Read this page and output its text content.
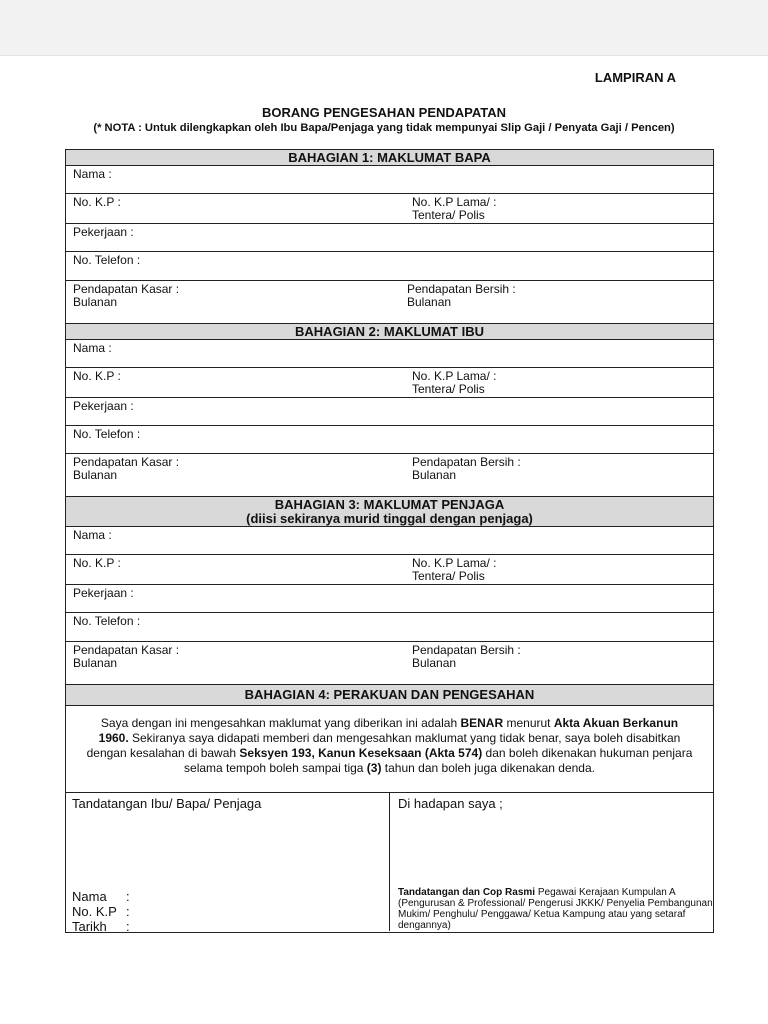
LAMPIRAN A
BORANG PENGESAHAN PENDAPATAN
(* NOTA : Untuk dilengkapkan oleh Ibu Bapa/Penjaga yang tidak mempunyai Slip Gaji / Penyata Gaji / Pencen)
BAHAGIAN 1: MAKLUMAT BAPA
Nama :
No. K.P :	No. K.P Lama/ :
Tentera/ Polis
Pekerjaan :
No. Telefon :
Pendapatan Kasar :
Bulanan
Pendapatan Bersih :
Bulanan
BAHAGIAN 2: MAKLUMAT IBU
Nama :
No. K.P :	No. K.P Lama/ :
Tentera/ Polis
Pekerjaan :
No. Telefon :
Pendapatan Kasar :
Bulanan
Pendapatan Bersih :
Bulanan
BAHAGIAN 3: MAKLUMAT PENJAGA
(diisi sekiranya murid tinggal dengan penjaga)
Nama :
No. K.P :	No. K.P Lama/ :
Tentera/ Polis
Pekerjaan :
No. Telefon :
Pendapatan Kasar :
Bulanan
Pendapatan Bersih :
Bulanan
BAHAGIAN 4: PERAKUAN DAN PENGESAHAN
Saya dengan ini mengesahkan maklumat yang diberikan ini adalah BENAR menurut Akta Akuan Berkanun 1960. Sekiranya saya didapati memberi dan mengesahkan maklumat yang tidak benar, saya boleh disabitkan dengan kesalahan di bawah Seksyen 193, Kanun Keseksaan (Akta 574) dan boleh dikenakan hukuman penjara selama tempoh boleh sampai tiga (3) tahun dan boleh juga dikenakan denda.
Tandatangan Ibu/ Bapa/ Penjaga
Nama	:
No. K.P :
Tarikh	:
Di hadapan saya ;
Tandatangan dan Cop Rasmi Pegawai Kerajaan Kumpulan A (Pengurusan & Professional/ Pengerusi JKKK/ Penyelia Pembangunan Mukim/ Penghulu/ Penggawa/ Ketua Kampung atau yang setaraf dengannya)
